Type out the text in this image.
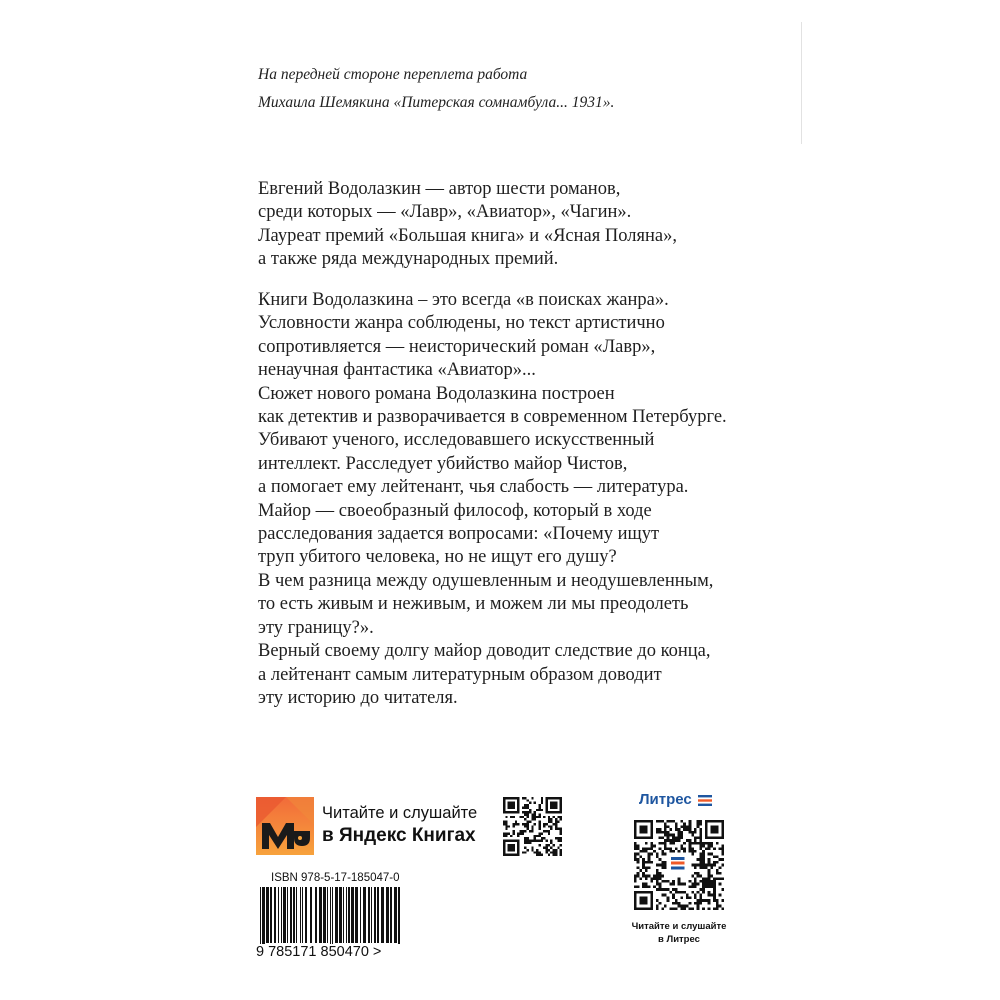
На передней стороне переплета работа
Михаила Шемякина «Питерская сомнамбула... 1931».
Евгений Водолазкин — автор шести романов,
среди которых — «Лавр», «Авиатор», «Чагин».
Лауреат премий «Большая книга» и «Ясная Поляна»,
а также ряда международных премий.
Книги Водолазкина – это всегда «в поисках жанра».
Условности жанра соблюдены, но текст артистично
сопротивляется — неисторический роман «Лавр»,
ненаучная фантастика «Авиатор»...
Сюжет нового романа Водолазкина построен
как детектив и разворачивается в современном Петербурге.
Убивают ученого, исследовавшего искусственный
интеллект. Расследует убийство майор Чистов,
а помогает ему лейтенант, чья слабость — литература.
Майор — своеобразный философ, который в ходе
расследования задается вопросами: «Почему ищут
труп убитого человека, но не ищут его душу?
В чем разница между одушевленным и неодушевленным,
то есть живым и неживым, и можем ли мы преодолеть
эту границу?».
Верный своему долгу майор доводит следствие до конца,
а лейтенант самым литературным образом доводит
эту историю до читателя.
Читайте и слушайте
в Яндекс Книгах
ISBN 978-5-17-185047-0
9 785171 850470 >
Литрес
Читайте и слушайте
в Литрес
